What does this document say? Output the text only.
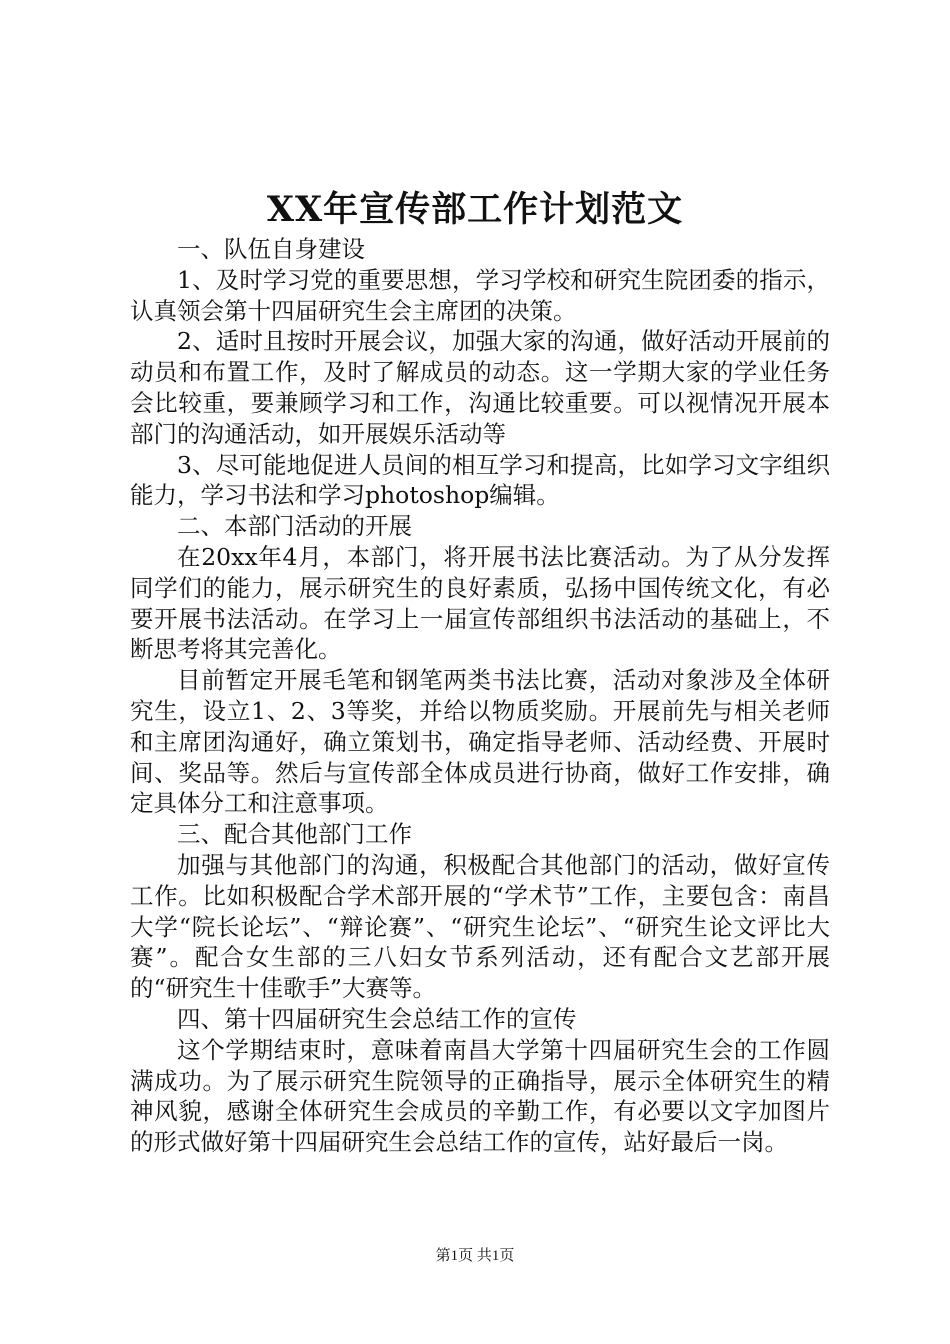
XX年宣传部工作计划范文

一、队伍自身建设

1、及时学习党的重要思想，学习学校和研究生院团委的指示，认真领会第十四届研究生会主席团的决策。

2、适时且按时开展会议，加强大家的沟通，做好活动开展前的动员和布置工作，及时了解成员的动态。这一学期大家的学业任务会比较重，要兼顾学习和工作，沟通比较重要。可以视情况开展本部门的沟通活动，如开展娱乐活动等

3、尽可能地促进人员间的相互学习和提高，比如学习文字组织能力，学习书法和学习photoshop编辑。

二、本部门活动的开展

在20xx年4月，本部门，将开展书法比赛活动。为了从分发挥同学们的能力，展示研究生的良好素质，弘扬中国传统文化，有必要开展书法活动。在学习上一届宣传部组织书法活动的基础上，不断思考将其完善化。

目前暂定开展毛笔和钢笔两类书法比赛，活动对象涉及全体研究生，设立1、2、3等奖，并给以物质奖励。开展前先与相关老师和主席团沟通好，确立策划书，确定指导老师、活动经费、开展时间、奖品等。然后与宣传部全体成员进行协商，做好工作安排，确定具体分工和注意事项。

三、配合其他部门工作

加强与其他部门的沟通，积极配合其他部门的活动，做好宣传工作。比如积极配合学术部开展的“学术节”工作，主要包含：南昌大学“院长论坛”、“辩论赛”、“研究生论坛”、“研究生论文评比大赛”。配合女生部的三八妇女节系列活动，还有配合文艺部开展的“研究生十佳歌手”大赛等。

四、第十四届研究生会总结工作的宣传

这个学期结束时，意味着南昌大学第十四届研究生会的工作圆满成功。为了展示研究生院领导的正确指导，展示全体研究生的精神风貌，感谢全体研究生会成员的辛勤工作，有必要以文字加图片的形式做好第十四届研究生会总结工作的宣传，站好最后一岗。

第1页 共1页
